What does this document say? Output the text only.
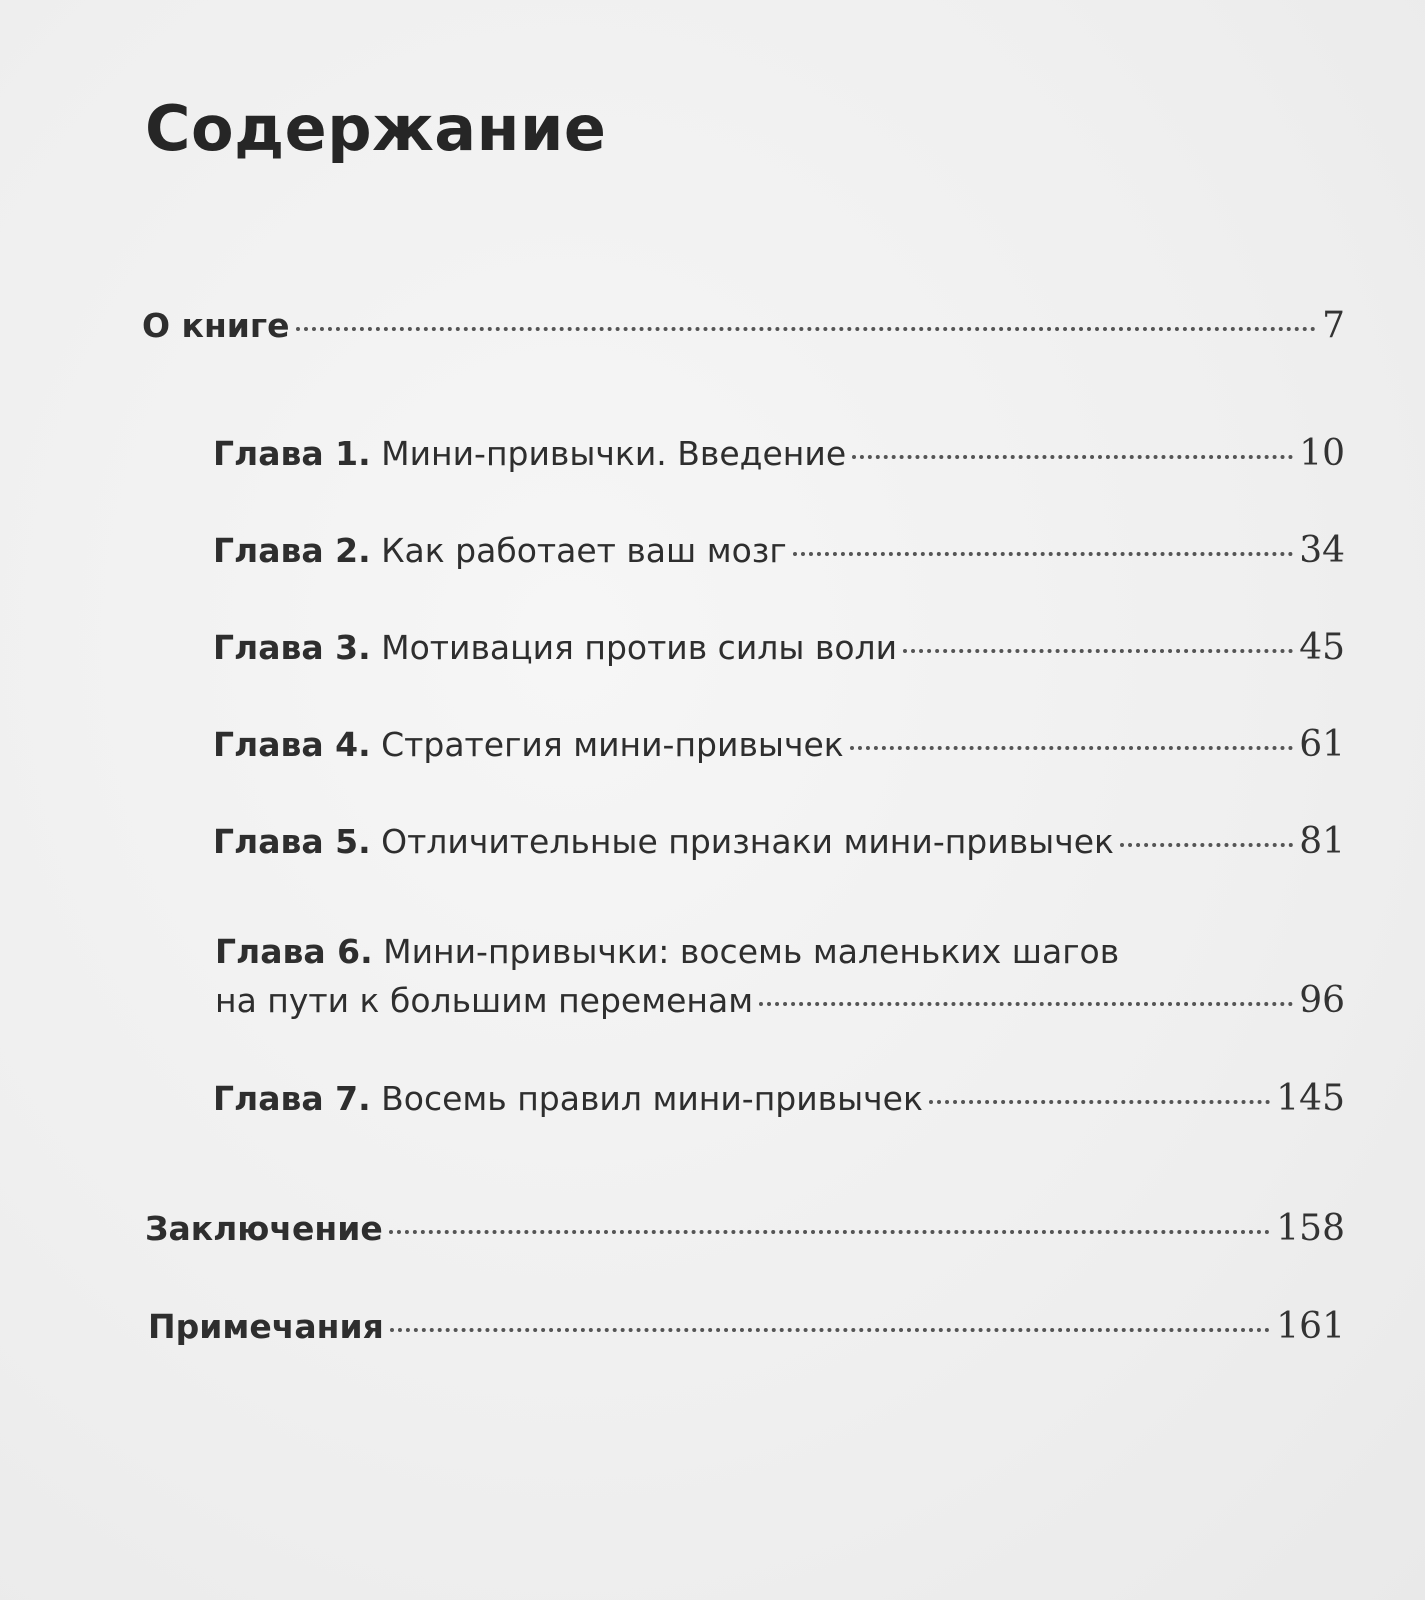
Содержание
О книге	7
Глава 1. Мини-привычки. Введение	10
Глава 2. Как работает ваш мозг	34
Глава 3. Мотивация против силы воли	45
Глава 4. Стратегия мини-привычек	61
Глава 5. Отличительные признаки мини-привычек	81
Глава 6. Мини-привычки: восемь маленьких шагов
на пути к большим переменам	96
Глава 7. Восемь правил мини-привычек	145
Заключение	158
Примечания	161
